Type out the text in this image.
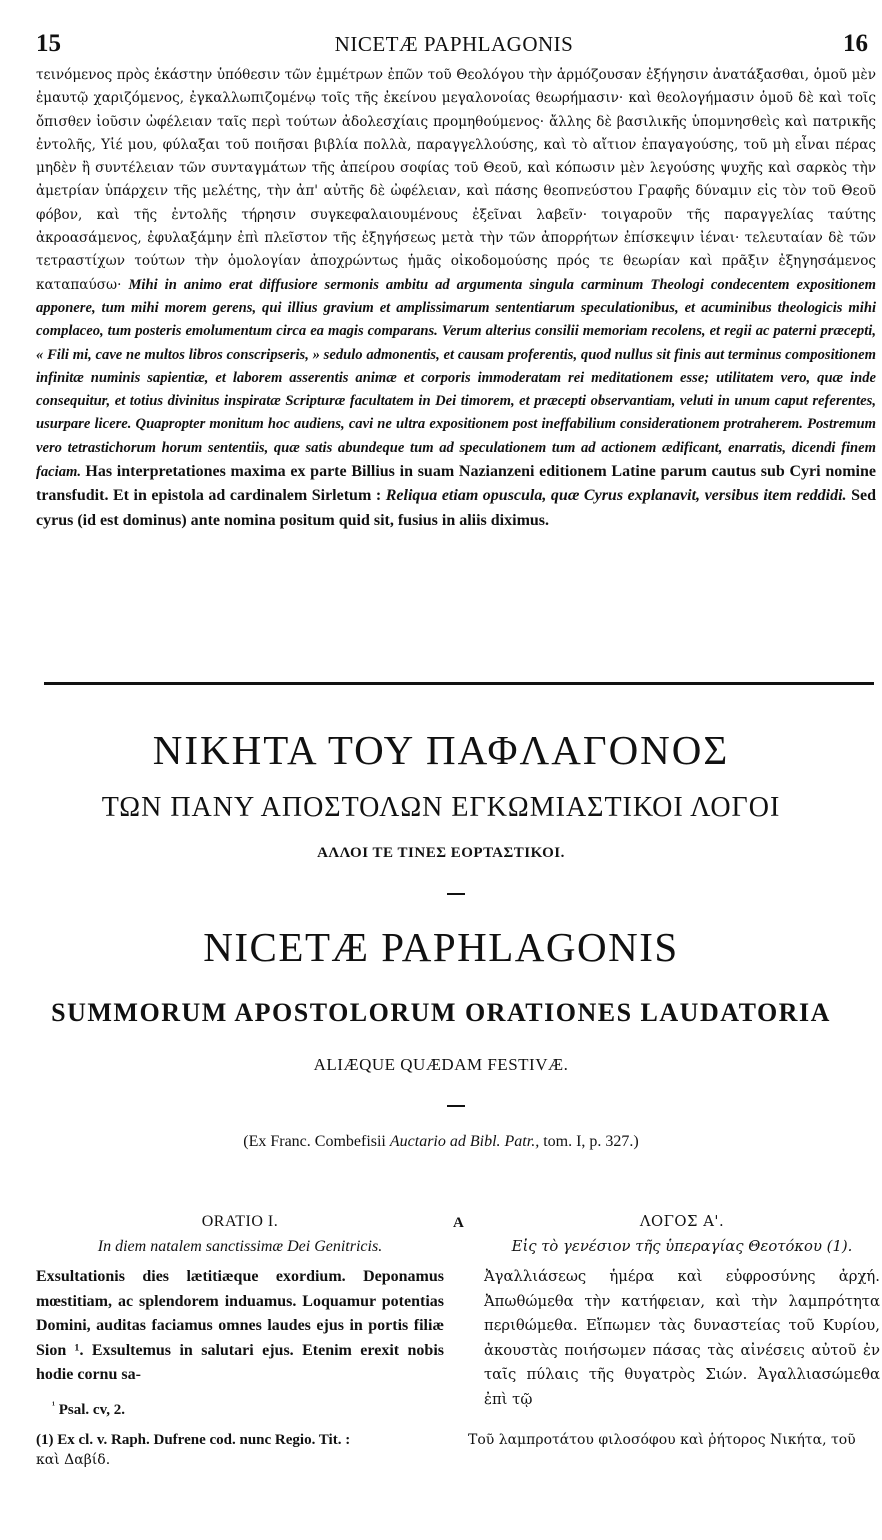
15	NICETÆ PAPHLAGONIS	16

τεινόμενος πρὸς ἑκάστην ὑπόθεσιν τῶν ἐμμέτρων ἐπῶν τοῦ Θεολόγου τὴν ἁρμόζουσαν ἐξήγησιν ἀνατάξασθαι, ὁμοῦ μὲν ἐμαυτῷ χαριζόμενος, ἐγκαλλωπιζομένῳ τοῖς τῆς ἐκείνου μεγαλονοίας θεωρήμασιν· καὶ θεολογήμασιν ὁμοῦ δὲ καὶ τοῖς ὄπισθεν ἰοῦσιν ὠφέλειαν ταῖς περὶ τούτων ἀδολεσχίαις προμηθούμενος· ἄλλης δὲ βασιλικῆς ὑπομνησθεὶς καὶ πατρικῆς ἐντολῆς, Υἱέ μου, φύλαξαι τοῦ ποιῆσαι βιβλία πολλὰ, παραγγελλούσης, καὶ τὸ αἴτιον ἐπαγαγούσης, τοῦ μὴ εἶναι πέρας μηδὲν ἢ συντέλειαν τῶν συνταγμάτων τῆς ἀπείρου σοφίας τοῦ Θεοῦ, καὶ κόπωσιν μὲν λεγούσης ψυχῆς καὶ σαρκὸς τὴν ἀμετρίαν ὑπάρχειν τῆς μελέτης, τὴν ἀπ' αὐτῆς δὲ ὠφέλειαν, καὶ πάσης θεοπνεύστου Γραφῆς δύναμιν εἰς τὸν τοῦ Θεοῦ φόβον, καὶ τῆς ἐντολῆς τήρησιν συγκεφαλαιουμένους ἐξεῖναι λαβεῖν· τοιγαροῦν τῆς παραγγελίας ταύτης ἀκροασάμενος, ἐφυλαξάμην ἐπὶ πλεῖστον τῆς ἐξηγήσεως μετὰ τὴν τῶν ἀπορρήτων ἐπίσκεψιν ἰέναι· τελευταίαν δὲ τῶν τετραστίχων τούτων τὴν ὁμολογίαν ἀποχρώντως ἡμᾶς οἰκοδομούσης πρός τε θεωρίαν καὶ πρᾶξιν ἐξηγησάμενος καταπαύσω· Mihi in animo erat diffusiore sermonis ambitu ad argumenta singula carminum Theologi condecentem expositionem apponere, tum mihi morem gerens, qui illius gravium et amplissimarum sententiarum speculationibus, et acuminibus theologicis mihi complaceo, tum posteris emolumentum circa ea magis comparans. Verum alterius consilii memoriam recolens, et regii ac paterni præcepti, « Fili mi, cave ne multos libros conscripseris, » sedulo admonentis, et causam proferentis, quod nullus sit finis aut terminus compositionem infinitæ numinis sapientiæ, et laborem asserentis animæ et corporis immoderatam rei meditationem esse; utilitatem vero, quæ inde consequitur, et totius divinitus inspiratæ Scripturæ facultatem in Dei timorem, et præcepti observantiam, veluti in unum caput referentes, usurpare licere. Quapropter monitum hoc audiens, cavi ne ultra expositionem post ineffabilium considerationem protraherem. Postremum vero tetrastichorum horum sententiis, quæ satis abundeque tum ad speculationem tum ad actionem ædificant, enarratis, dicendi finem faciam. Has interpretationes maxima ex parte Billius in suam Nazianzeni editionem Latine parum cautus sub Cyri nomine transfudit. Et in epistola ad cardinalem Sirletum : Reliqua etiam opuscula, quæ Cyrus explanavit, versibus item reddidi. Sed cyrus (id est dominus) ante nomina positum quid sit, fusius in aliis diximus.

ΝΙΚΗΤΑ ΤΟΥ ΠΑΦΛΑΓΟΝΟΣ
ΤΩΝ ΠΑΝΥ ΑΠΟΣΤΟΛΩΝ ΕΓΚΩΜΙΑΣΤΙΚΟΙ ΛΟΓΟΙ
ΑΛΛΟΙ ΤΕ ΤΙΝΕΣ ΕΟΡΤΑΣΤΙΚΟΙ.
NICETÆ PAPHLAGONIS
SUMMORUM APOSTOLORUM ORATIONES LAUDATORIA
ALIÆQUE QUÆDAM FESTIVÆ.
(Ex Franc. Combefisii Auctario ad Bibl. Patr., tom. I, p. 327.)
ORATIO I.
In diem natalem sanctissimæ Dei Genitricis.
Exsultationis dies lætitiæque exordium. Deponamus mœstitiam, ac splendorem induamus. Loquamur potentias Domini, auditas faciamus omnes laudes ejus in portis filiæ Sion ¹. Exsultemus in salutari ejus. Etenim erexit nobis hodie cornu sa-
A	ΛΟΓΟΣ Α'.
Εἰς τὸ γενέσιον τῆς ὑπεραγίας Θεοτόκου (1).
Ἀγαλλιάσεως ἡμέρα καὶ εὐφροσύνης ἀρχή. Ἀπωθώμεθα τὴν κατήφειαν, καὶ τὴν λαμπρότητα περιθώμεθα. Εἴπωμεν τὰς δυναστείας τοῦ Κυρίου, ἀκουστὰς ποιήσωμεν πάσας τὰς αἰνέσεις αὐτοῦ ἐν ταῖς πύλαις τῆς θυγατρὸς Σιών. Ἀγαλλιασώμεθα ἐπὶ τῷ
$^{^1}$ Psal. cv, 2.
(1) Ex cl. v. Raph. Dufrene cod. nunc Regio. Tit. :
καὶ Δαβίδ.
Τοῦ λαμπροτάτου φιλοσόφου καὶ ῥήτορος Νικήτα, τοῦ
